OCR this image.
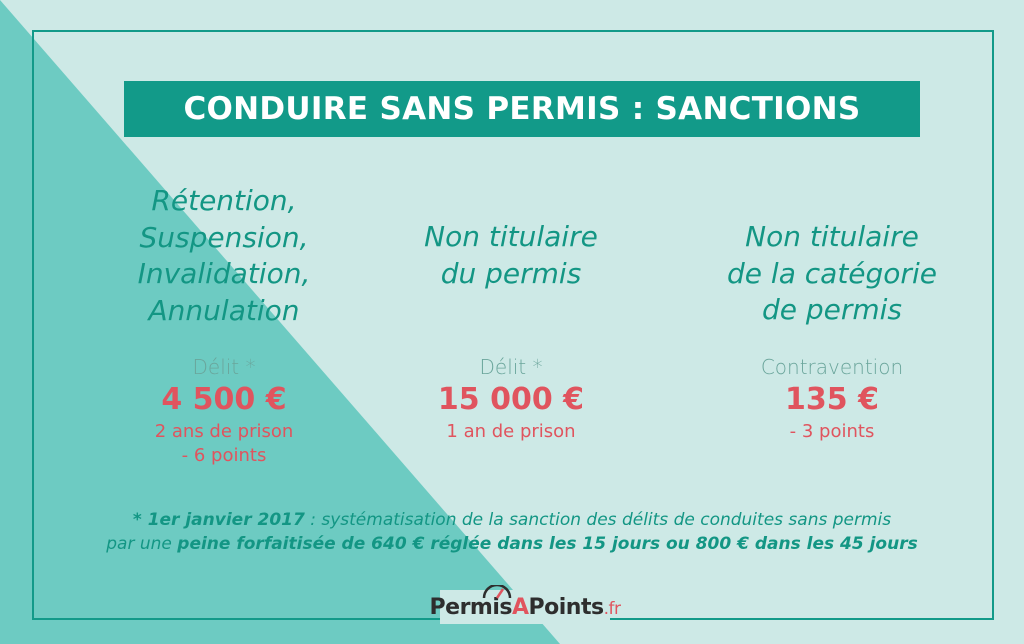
CONDUIRE SANS PERMIS : SANCTIONS
Rétention,
Suspension,
Invalidation,
Annulation
Délit *
4 500 €
2 ans de prison
- 6 points
Non titulaire
du permis
Délit *
15 000 €
1 an de prison
Non titulaire
de la catégorie
de permis
Contravention
135 €
- 3 points
* 1er janvier 2017 : systématisation de la sanction des délits de conduites sans permis
par une peine forfaitisée de 640 € réglée dans les 15 jours ou 800 € dans les 45 jours
PermisAPoints.fr
